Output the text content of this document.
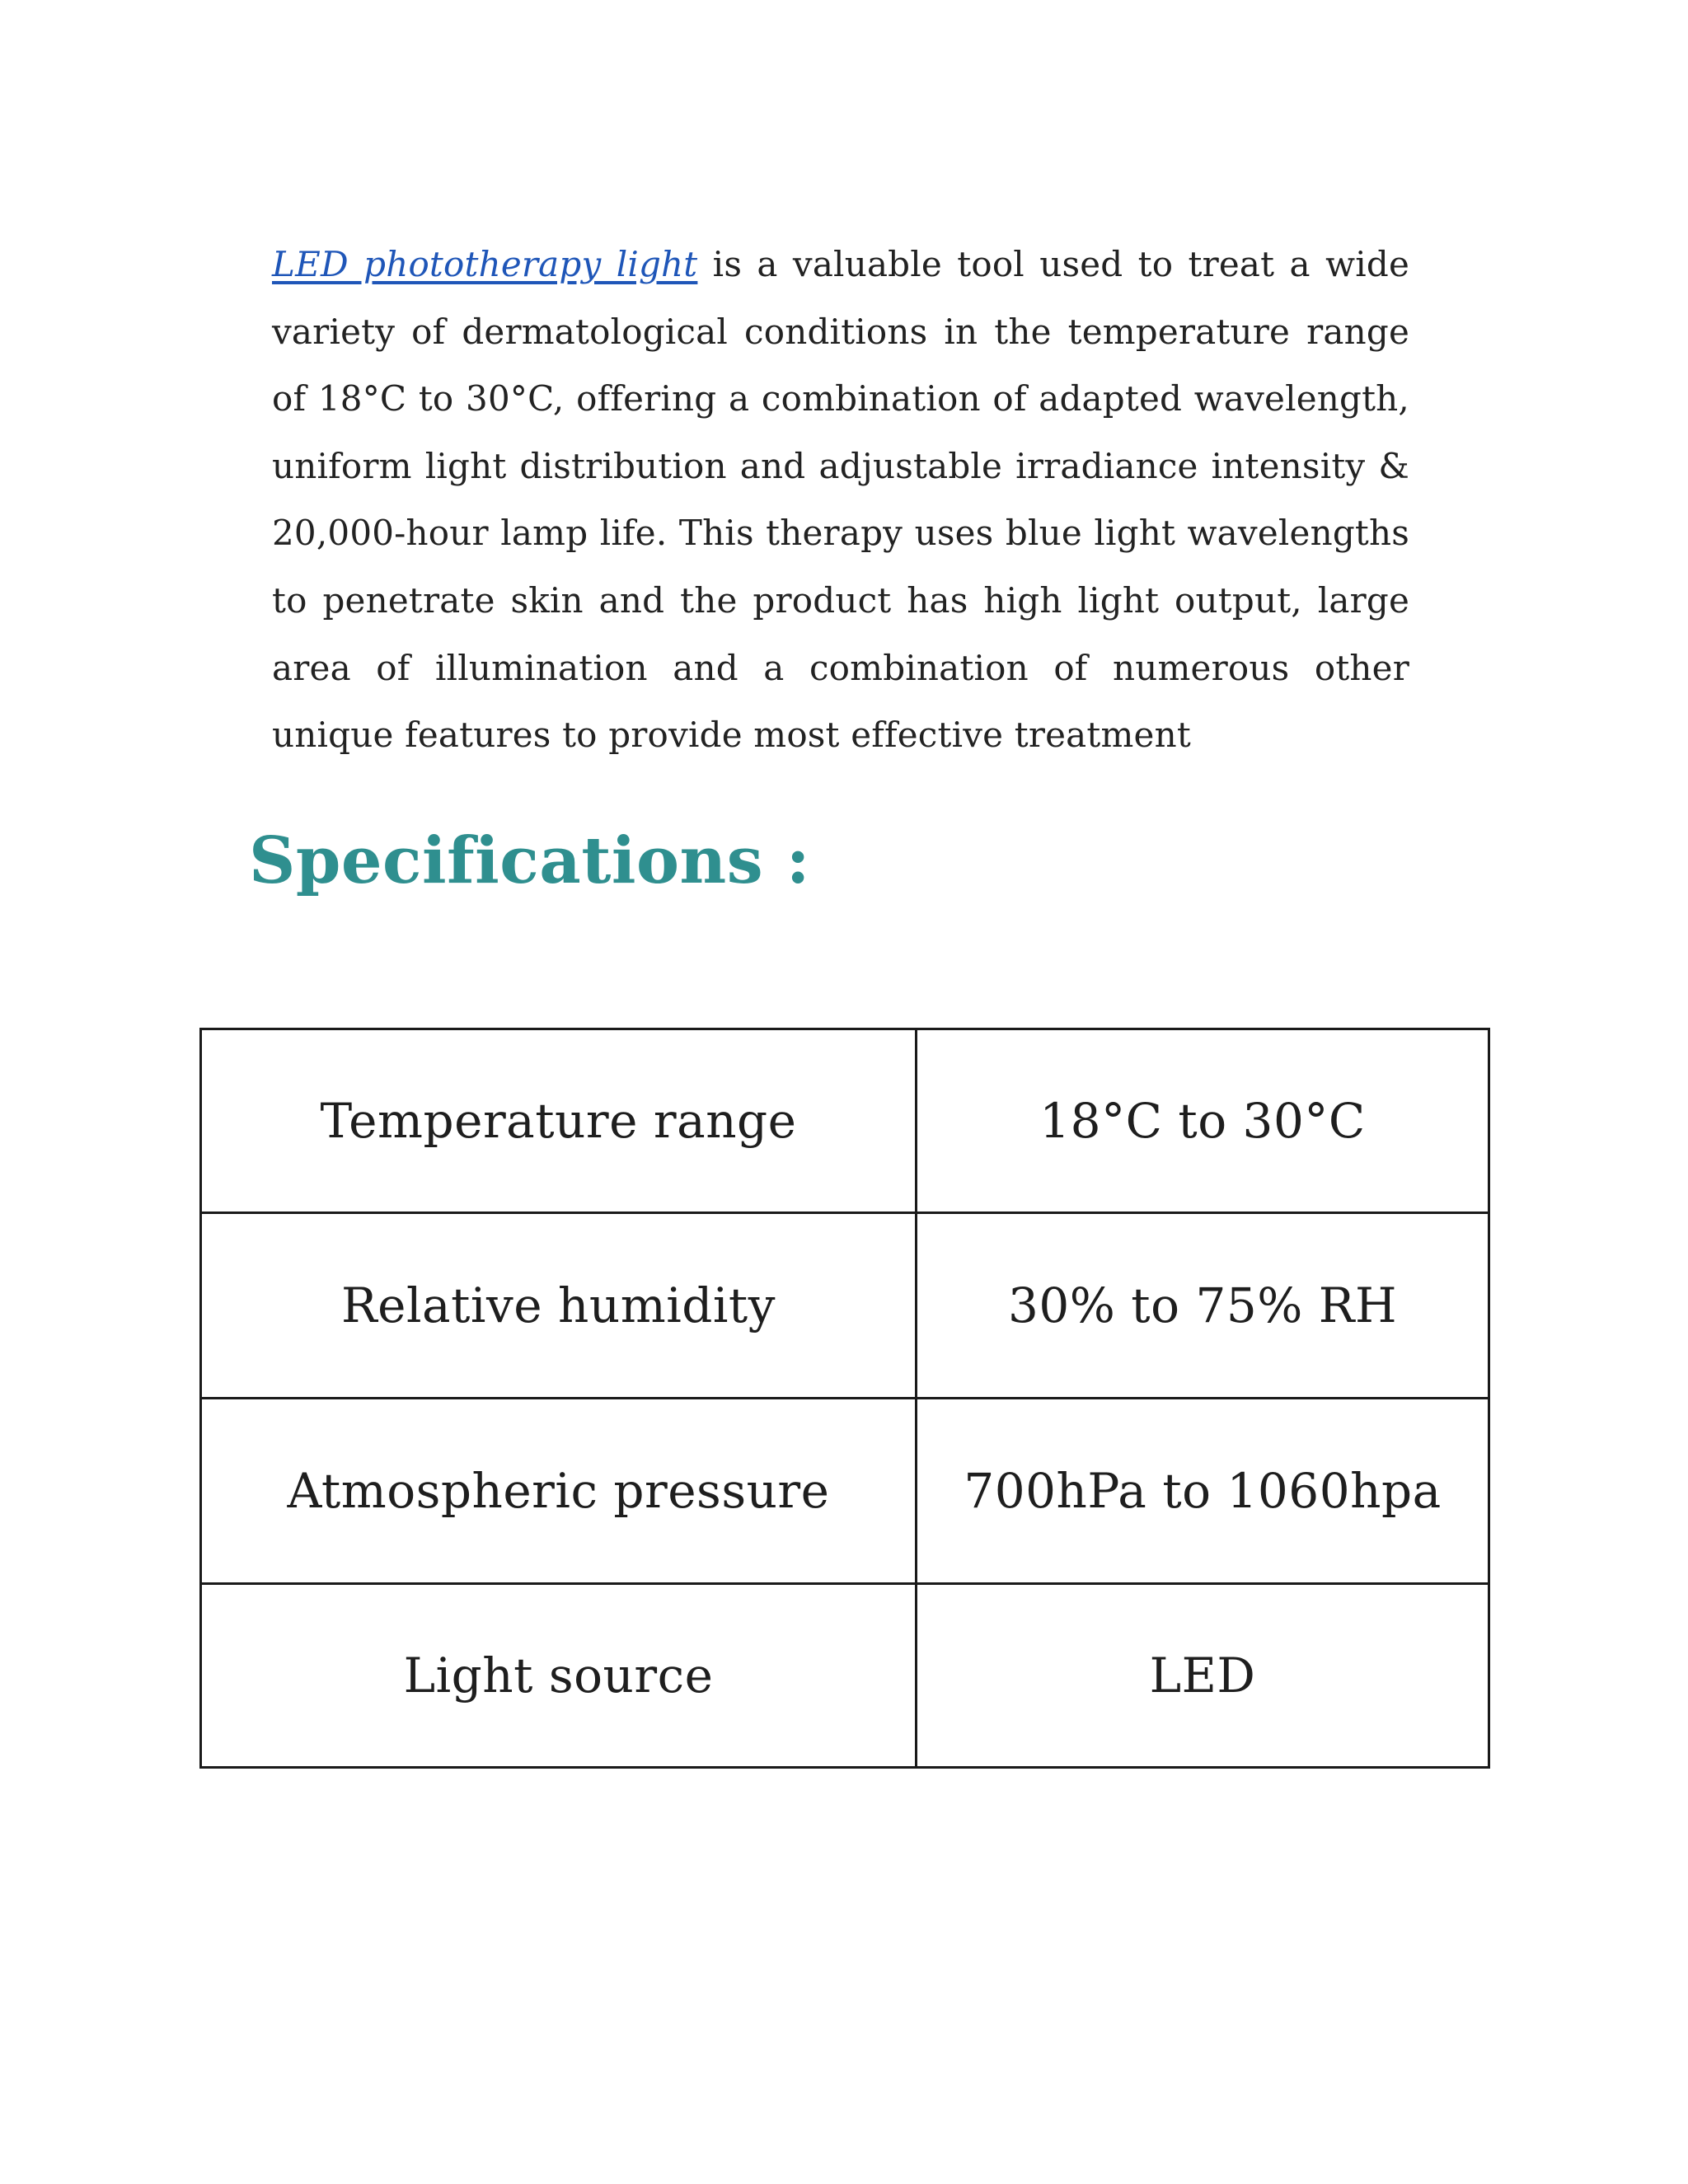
LED phototherapy light is a valuable tool used to treat a wide variety of dermatological conditions in the temperature range of 18°C to 30°C, offering a combination of adapted wavelength, uniform light distribution and adjustable irradiance intensity & 20,000-hour lamp life. This therapy uses blue light wavelengths to penetrate skin and the product has high light output, large area of illumination and a combination of numerous other unique features to provide most effective treatment

Specifications :
Temperature range	18°C to 30°C
Relative humidity	30% to 75% RH
Atmospheric pressure	700hPa to 1060hpa
Light source	LED
